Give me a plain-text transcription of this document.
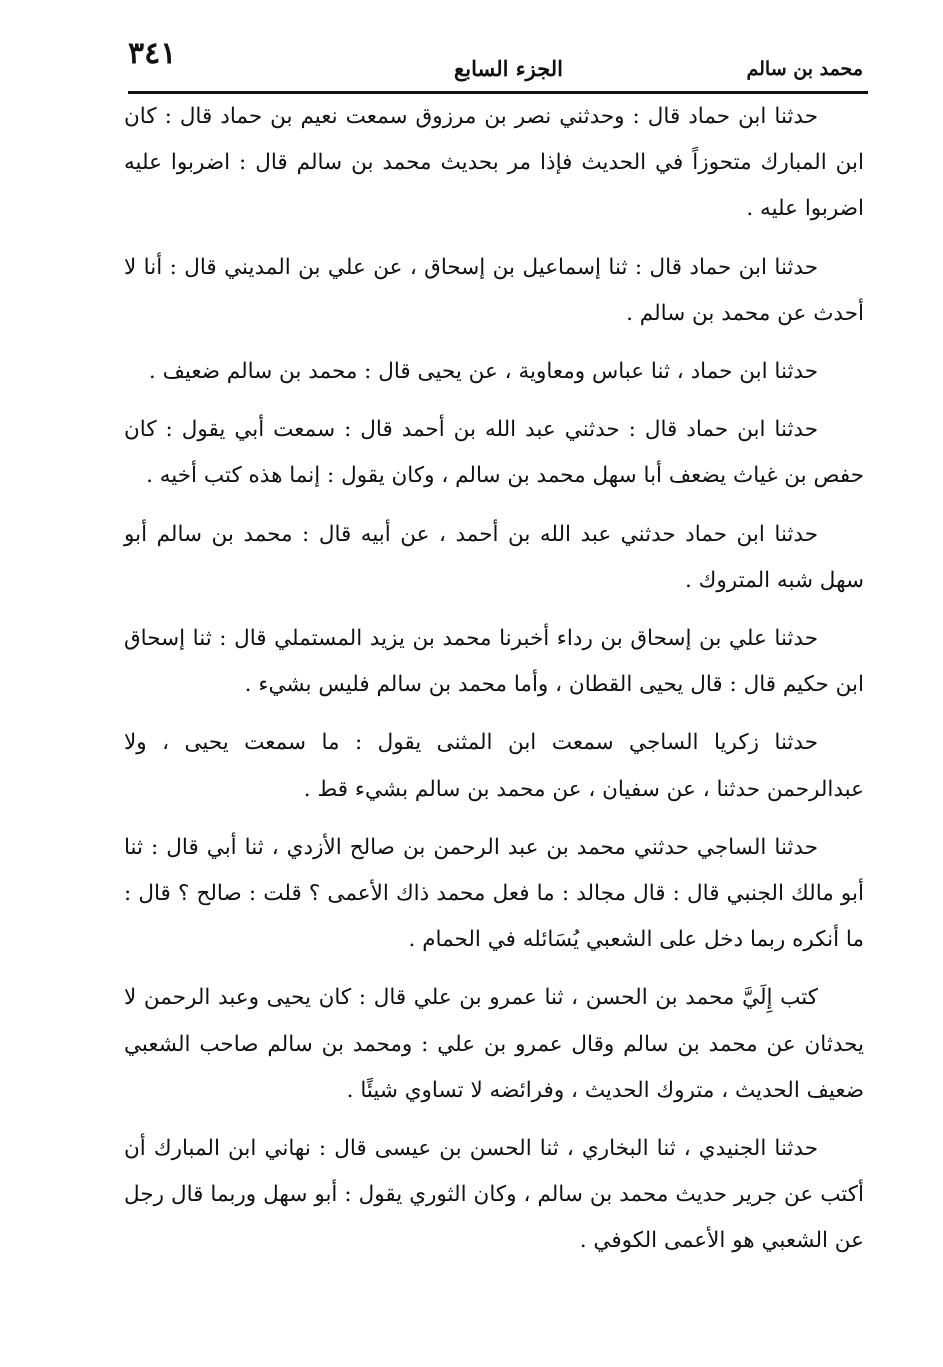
محمد بن سالم
الجزء السابع
٣٤١

حدثنا ابن حماد قال : وحدثني نصر بن مرزوق سمعت نعيم بن حماد قال : كان ابن المبارك متحوزاً في الحديث فإذا مر بحديث محمد بن سالم قال : اضربوا عليه اضربوا عليه .

حدثنا ابن حماد قال : ثنا إسماعيل بن إسحاق ، عن علي بن المديني قال : أنا لا أحدث عن محمد بن سالم .

حدثنا ابن حماد ، ثنا عباس ومعاوية ، عن يحيى قال : محمد بن سالم ضعيف .

حدثنا ابن حماد قال : حدثني عبد الله بن أحمد قال : سمعت أبي يقول : كان حفص بن غياث يضعف أبا سهل محمد بن سالم ، وكان يقول : إنما هذه كتب أخيه .

حدثنا ابن حماد حدثني عبد الله بن أحمد ، عن أبيه قال : محمد بن سالم أبو سهل شبه المتروك .

حدثنا علي بن إسحاق بن رداء أخبرنا محمد بن يزيد المستملي قال : ثنا إسحاق ابن حكيم قال : قال يحيى القطان ، وأما محمد بن سالم فليس بشيء .

حدثنا زكريا الساجي سمعت ابن المثنى يقول : ما سمعت يحيى ، ولا عبدالرحمن حدثنا ، عن سفيان ، عن محمد بن سالم بشيء قط .

حدثنا الساجي حدثني محمد بن عبد الرحمن بن صالح الأزدي ، ثنا أبي قال : ثنا أبو مالك الجنبي قال : قال مجالد : ما فعل محمد ذاك الأعمى ؟ قلت : صالح ؟ قال : ما أنكره ربما دخل على الشعبي يُسَائله في الحمام .

كتب إِلَيَّ محمد بن الحسن ، ثنا عمرو بن علي قال : كان يحيى وعبد الرحمن لا يحدثان عن محمد بن سالم وقال عمرو بن علي : ومحمد بن سالم صاحب الشعبي ضعيف الحديث ، متروك الحديث ، وفرائضه لا تساوي شيئًا .

حدثنا الجنيدي ، ثنا البخاري ، ثنا الحسن بن عيسى قال : نهاني ابن المبارك أن أكتب عن جرير حديث محمد بن سالم ، وكان الثوري يقول : أبو سهل وربما قال رجل عن الشعبي هو الأعمى الكوفي .
